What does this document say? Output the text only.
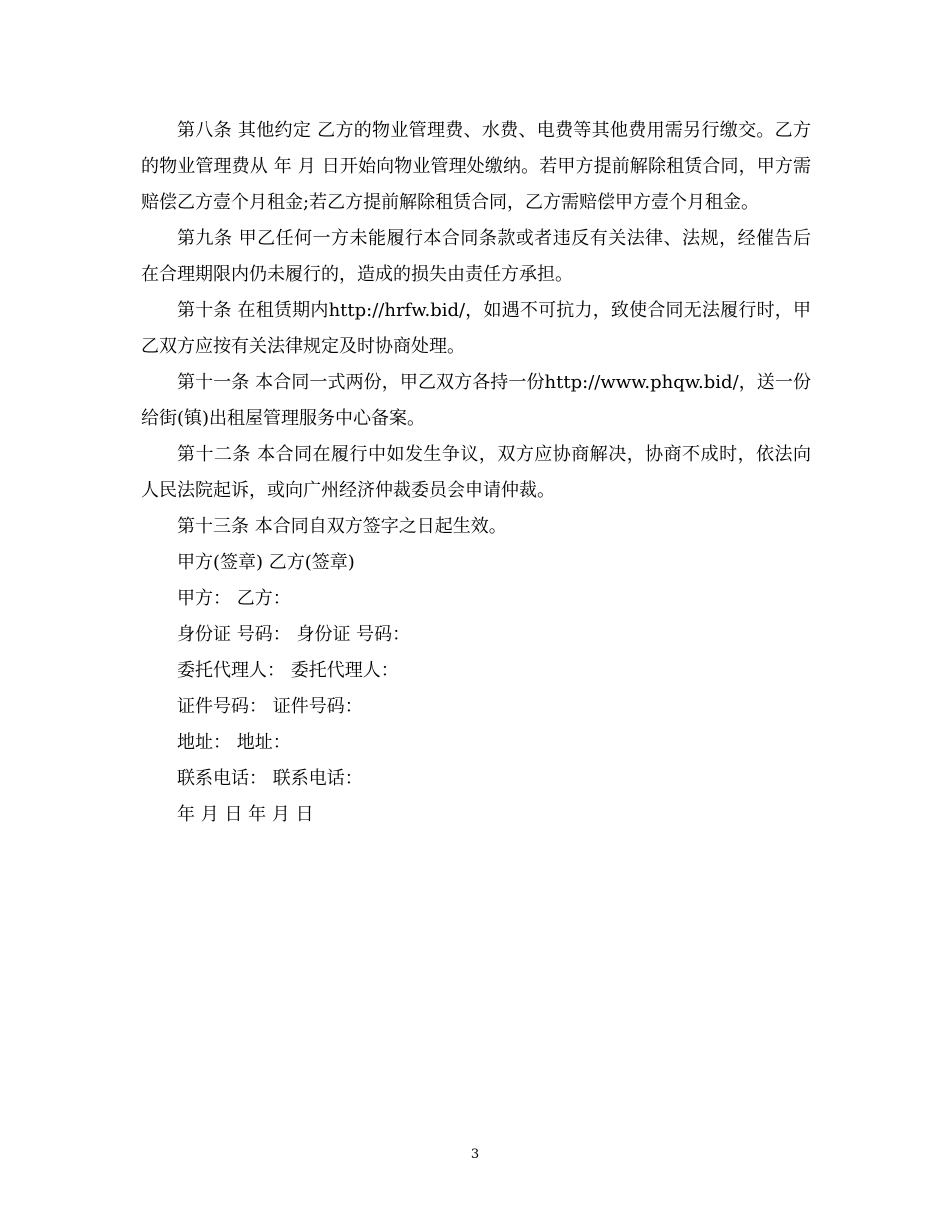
第八条 其他约定 乙方的物业管理费、水费、电费等其他费用需另行缴交。乙方的物业管理费从 年 月 日开始向物业管理处缴纳。若甲方提前解除租赁合同，甲方需赔偿乙方壹个月租金;若乙方提前解除租赁合同，乙方需赔偿甲方壹个月租金。

第九条 甲乙任何一方未能履行本合同条款或者违反有关法律、法规，经催告后在合理期限内仍未履行的，造成的损失由责任方承担。

第十条 在租赁期内http://hrfw.bid/，如遇不可抗力，致使合同无法履行时，甲乙双方应按有关法律规定及时协商处理。

第十一条 本合同一式两份，甲乙双方各持一份http://www.phqw.bid/，送一份给街(镇)出租屋管理服务中心备案。

第十二条 本合同在履行中如发生争议，双方应协商解决，协商不成时，依法向人民法院起诉，或向广州经济仲裁委员会申请仲裁。

第十三条 本合同自双方签字之日起生效。

甲方(签章) 乙方(签章)

甲方： 乙方：

身份证 号码： 身份证 号码：

委托代理人： 委托代理人：

证件号码： 证件号码：

地址： 地址：

联系电话： 联系电话：

年 月 日 年 月 日

3
